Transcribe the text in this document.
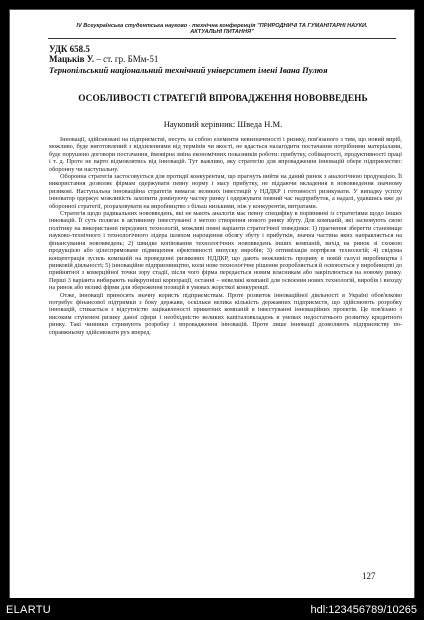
IV Всеукраїнська студентська науково - технічна конференція "ПРИРОДНИЧІ ТА ГУМАНІТАРНІ НАУКИ.
АКТУАЛЬНІ ПИТАННЯ"
УДК 658.5
Мацьків У. – ст. гр. БМм-51
Тернопільський національний технічний університет імені Івана Пулюя
ОСОБЛИВОСТІ СТРАТЕГІЙ ВПРОВАДЖЕННЯ НОВОВВЕДЕНЬ
Науковий керівник: Шведа Н.М.

Інновації, здійснювані на підприємстві, несуть за собою елементи невизначеності і ризику, пов'язаного з тим, що новий виріб, можливо, буде виготовлений з відхиленнями від термінів чи якості, не вдасться налагодити постачання потрібними матеріалами, буде порушено договори постачання, ймовірна зміна економічних показників роботи: прибутку, собівартості, продуктивності праці і т. д. Проте не варто відмовлятись від інновацій. Тут важливо, яку стратегію для впровадження інновацій обере підприємство: оборонну чи наступальну.

Оборонна стратегія застосовується для протидії конкурентам, що прагнуть вийти на даний ринок з аналогічною продукцією. Її використання дозволяє фірмам одержувати певну норму і масу прибутку, не піддаючи вкладення в нововведення значному ризикові. Наступальна інноваційна стратегія вимагає великих інвестицій у НДДКР і готовності ризикувати. У випадку успіху інноватор одержує можливість захопити домінуючу частку ринку і одержувати певний час надприбуток, а надалі, удавшись вже до оборонної стратегії, розраховувати на виробництво з більш низькими, ніж у конкурентів, витратами.

Стратегія щодо радикальних нововведень, які не мають аналогів має певну специфіку в порівнянні із стратегіями щодо інших інновацій. Її суть полягає в активному інвестуванні з метою створення нового ринку збуту. Для компаній, які засновують свою політику на використанні передових технологій, можливі певні варіанти стратегічної поведінки: 1) прагнення зберегти становище науково-технічного і технологічного лідера шляхом нарощення обсягу збуту і прибутків, значна частина яких направляється на фінансування нововведень; 2) швидке копіювання технологічних нововведень інших компаній, вихід на ринок зі схожою продукцією або цілеспрямоване підвищення ефективності випуску виробів; 3) оптимізація портфеля технологій; 4) свідома концентрація зусиль компаній на проведенні ризикових НДДКР, що дають можливість прориву в новій галузі виробництва і ринковій діяльності; 5) інноваційне підприємництво, коли нове технологічне рішення розробляється й освоюється у виробництві до прийнятної з комерційної точки зору стадії, після чого фірма передається новим власникам або закріплюється на новому ринку. Перші 3 варіанта вибирають найкрупніші корпорації, останні – невеликі компанії для освоєння нових технологій, виробів і виходу на ринок або великі фірми для збереження позицій в умовах жорсткої конкуренції.

Отже, інновації приносять значну користь підприємствам. Проте розвиток інноваційної діяльності в Україні обов'язково потребує фінансової підтримки з боку держави, оскільки велика кількість державних підприємств, що здійснюють розробку інновацій, стикається з відсутністю зацікавленості приватних компаній в інвестуванні інноваційних проектів. Це пов'язано з високим ступенем ризику даної сфери і необхідністю великих капіталовкладень в умовах недостатнього розвитку кредитного ринку. Такі чинники стримують розробку і впровадження інновацій. Проте лише інновації дозволяють підприємству по-справжньому здійснювати рух вперед.

127
ELARTU	hdl:123456789/10265
